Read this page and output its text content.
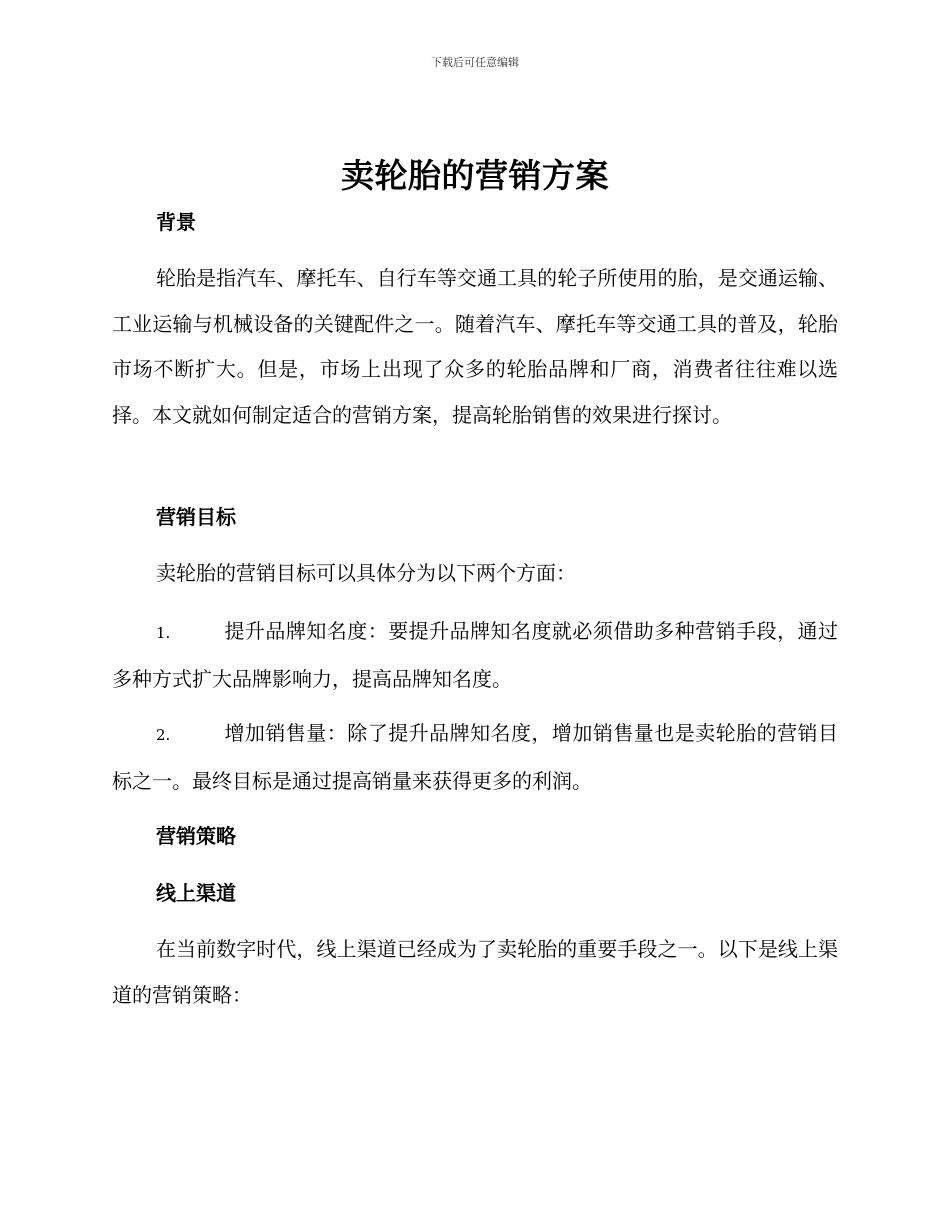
下载后可任意编辑
卖轮胎的营销方案
背景
轮胎是指汽车、摩托车、自行车等交通工具的轮子所使用的胎，是交通运输、工业运输与机械设备的关键配件之一。随着汽车、摩托车等交通工具的普及，轮胎市场不断扩大。但是，市场上出现了众多的轮胎品牌和厂商，消费者往往难以选择。本文就如何制定适合的营销方案，提高轮胎销售的效果进行探讨。
营销目标
卖轮胎的营销目标可以具体分为以下两个方面：
1.	提升品牌知名度：要提升品牌知名度就必须借助多种营销手段，通过多种方式扩大品牌影响力，提高品牌知名度。
2.	增加销售量：除了提升品牌知名度，增加销售量也是卖轮胎的营销目标之一。最终目标是通过提高销量来获得更多的利润。
营销策略
线上渠道
在当前数字时代，线上渠道已经成为了卖轮胎的重要手段之一。以下是线上渠道的营销策略：
